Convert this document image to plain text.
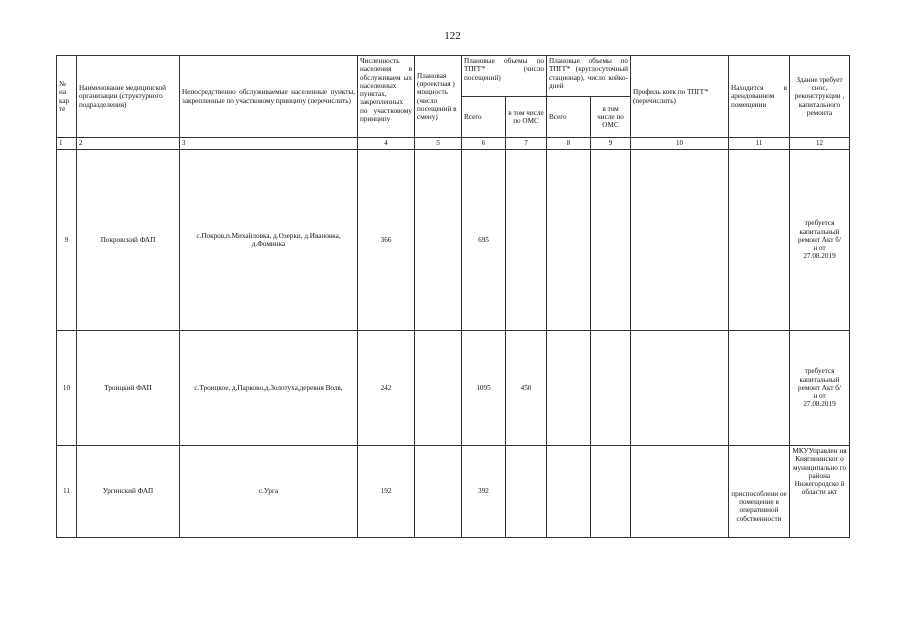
122
№ на кар те	Наименование медицинской организации (структурного подразделения)	Непосредственно обслуживаемые населенные пункты, закрепленные по участковому принципу (перечислить)	Численность населения в обслуживаем ых населенных пунктах, закрепленных по участковому принципу	Плановая (проектная ) мощность (число посещений в смену)	Плановые объемы по ТПГГ* (число посещений)		Плановые объемы по ТПГГ* (круглосуточный стационар), число койко-дней		Профиль коек по ТПГГ* (перечислить)	Находится в арендованном помещении	Здание требует снос, реконструкции , капитального ремонта
					Всего	в том числе по ОМС	Всего	в том числе по ОМС			
1	2	3	4	5	6	7	8	9	10	11	12
9	Покровский ФАП	с.Покров,п.Михайловка, д.Озерки, д.Ивановка, д.Фоминка	366		695						требуется капитальный ремонт Акт б/н от 27.08.2019
10	Троицкий ФАП	с.Троицкое, д.Парково,д.Золотуха,деревня Воля,	242		1095	450					требуется капитальный ремонт Акт б/н от 27.08.2019
11	Ургинский ФАП	с.Урга	192		392					приспособлени ое помещение в оперативной собственности	МКУУправлен ия Княгининског о муниципально го района Нижегородско й области акт
